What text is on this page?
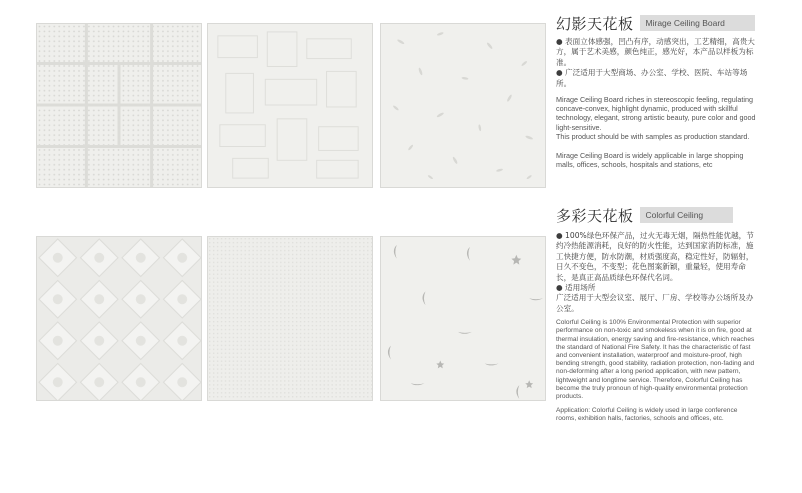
幻影天花板	Mirage Ceiling Board

● 表面立体感强，凹凸有序，动感突出，工艺精细，高贵大方，属于艺术美感，颜色纯正，感光好，本产品以样板为标准。

● 广泛适用于大型商场、办公室、学校、医院、车站等场所。

Mirage Ceiling Board riches in stereoscopic feeling, regulating concave-convex, highlight dynamic, produced with skillful technology, elegant, strong artistic beauty, pure color and good light-sensitive.

This product should be with samples as production standard.

Mirage Ceiling Board is widely applicable in large shopping malls, offices, schools, hospitals and stations, etc

多彩天花板	Colorful Ceiling

● 100%绿色环保产品，过火无毒无烟，隔热性能优越，节约冷热能源消耗，良好的防火性能，达到国家消防标准，施工快捷方便，防水防潮，材质强度高，稳定性好，防辐射，日久不变色，不变型；花色图案新颖，重量轻，使用寿命长，是真正高品质绿色环保代名词。

● 适用场所

广泛适用于大型会议室、展厅、厂房、学校等办公场所及办公室。

Colorful Ceiling is 100% Environmental Protection with superior performance on non-toxic and smokeless when it is on fire, good at thermal insulation, energy saving and fire-resistance, which reaches the standard of National Fire Safety. It has the characteristic of fast and convenient installation, waterproof and moisture-proof, high bending strength, good stability, radiation protection, non-fading and non-deforming after a long period application, with new pattern, lightweight and longtime service. Therefore, Colorful Ceiling has become the truly pronoun of high-quality environmental protection products.

Application: Colorful Ceiling is widely used in large conference rooms, exhibition halls, factories, schools and offices, etc.
